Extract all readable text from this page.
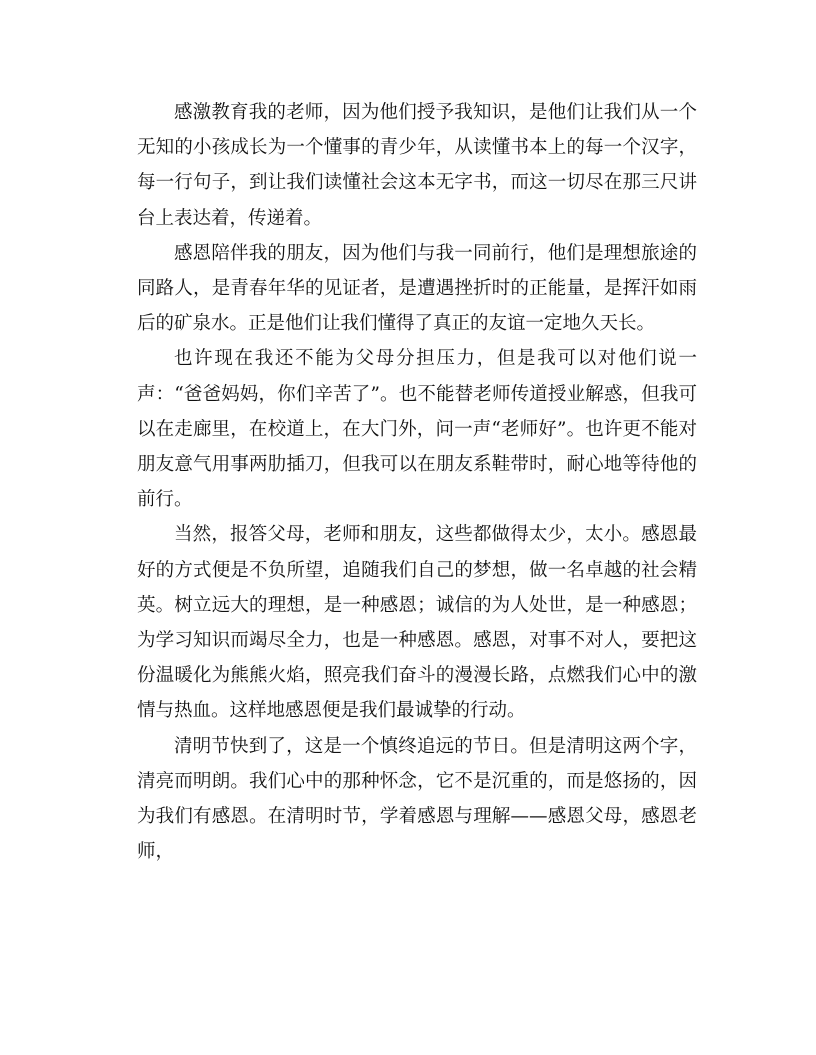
感激教育我的老师，因为他们授予我知识，是他们让我们从一个无知的小孩成长为一个懂事的青少年，从读懂书本上的每一个汉字，每一行句子，到让我们读懂社会这本无字书，而这一切尽在那三尺讲台上表达着，传递着。

感恩陪伴我的朋友，因为他们与我一同前行，他们是理想旅途的同路人，是青春年华的见证者，是遭遇挫折时的正能量，是挥汗如雨后的矿泉水。正是他们让我们懂得了真正的友谊一定地久天长。

也许现在我还不能为父母分担压力，但是我可以对他们说一声：“爸爸妈妈，你们辛苦了”。也不能替老师传道授业解惑，但我可以在走廊里，在校道上，在大门外，问一声“老师好”。也许更不能对朋友意气用事两肋插刀，但我可以在朋友系鞋带时，耐心地等待他的前行。

当然，报答父母，老师和朋友，这些都做得太少，太小。感恩最好的方式便是不负所望，追随我们自己的梦想，做一名卓越的社会精英。树立远大的理想，是一种感恩；诚信的为人处世，是一种感恩；为学习知识而竭尽全力，也是一种感恩。感恩，对事不对人，要把这份温暖化为熊熊火焰，照亮我们奋斗的漫漫长路，点燃我们心中的激情与热血。这样地感恩便是我们最诚挚的行动。

清明节快到了，这是一个慎终追远的节日。但是清明这两个字，清亮而明朗。我们心中的那种怀念，它不是沉重的，而是悠扬的，因为我们有感恩。在清明时节，学着感恩与理解——感恩父母，感恩老师，
